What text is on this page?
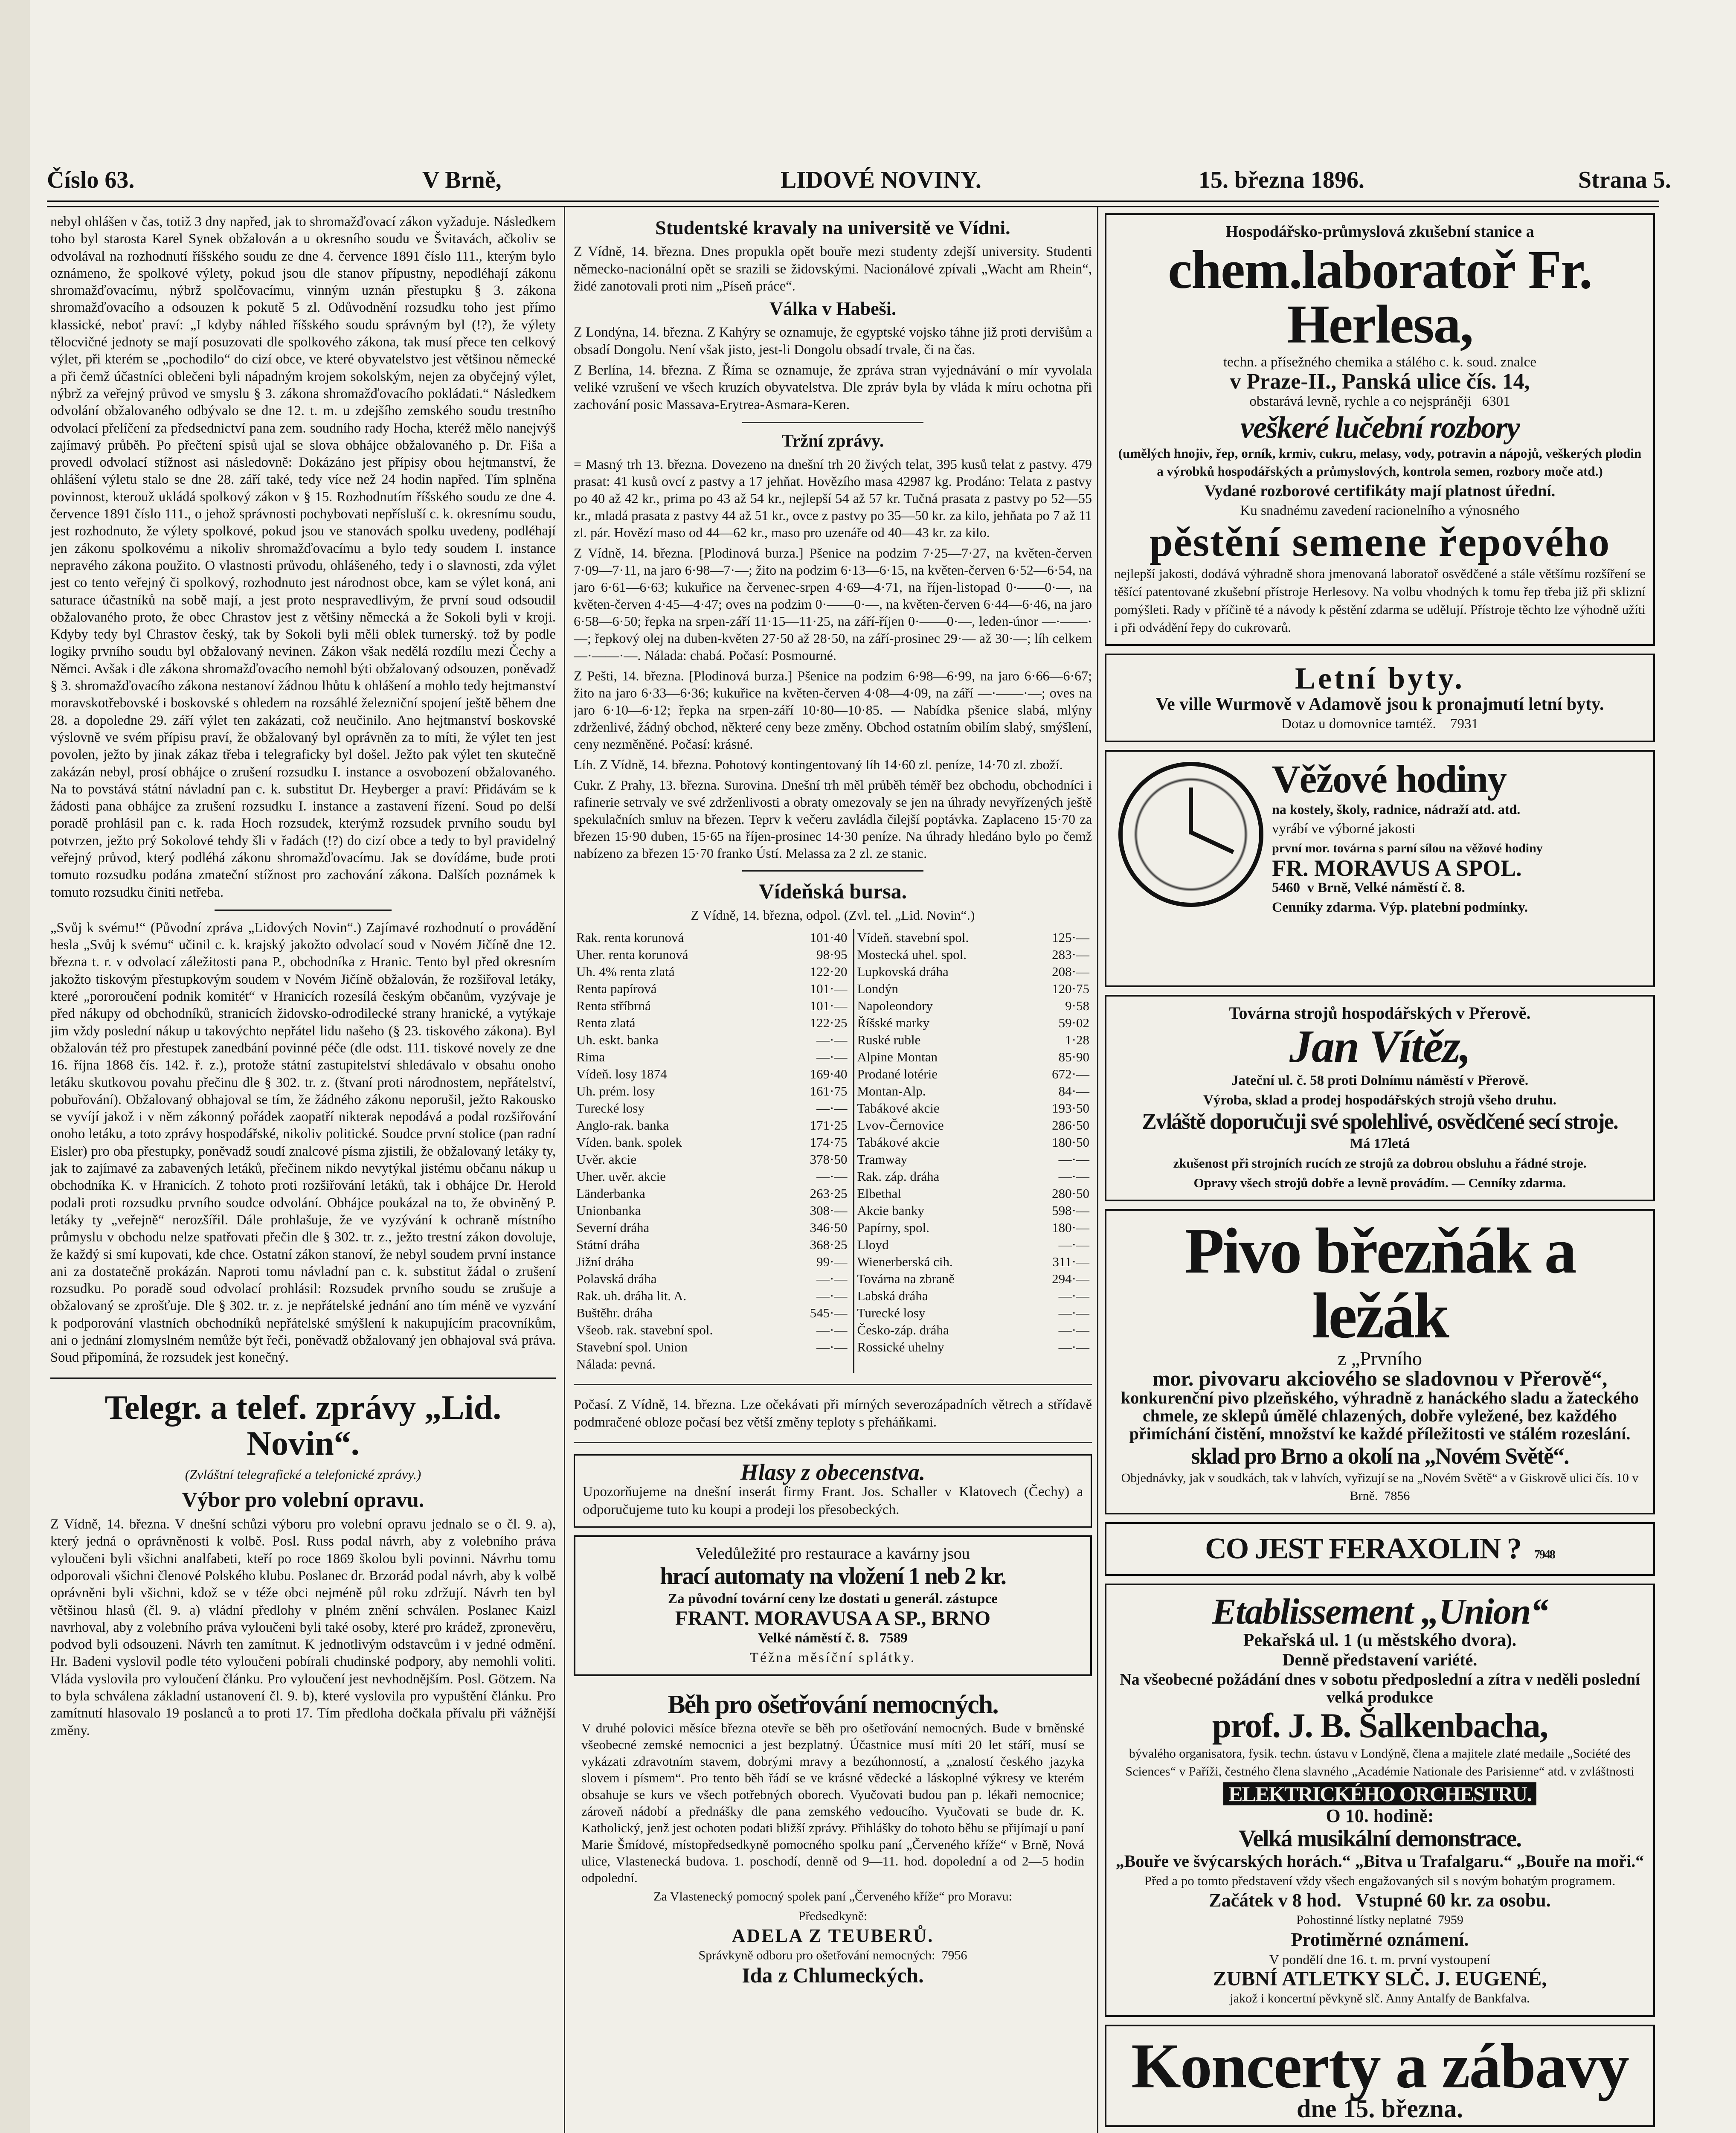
Číslo 63.	V Brně,	LIDOVÉ NOVINY.	15. března 1896.	Strana 5.

nebyl ohlášen v čas, totiž 3 dny napřed, jak to shromažďovací zákon vyžaduje. Následkem toho byl starosta Karel Synek obžalován a u okresního soudu ve Švitavách, ačkoliv se odvolával na rozhodnutí říšského soudu ze dne 4. července 1891 číslo 111., kterým bylo oznámeno, že spolkové výlety, pokud jsou dle stanov přípustny, nepodléhají zákonu shromažďovacímu, nýbrž spolčovacímu, vinným uznán přestupku § 3. zákona shromažďovacího a odsouzen k pokutě 5 zl. Odůvodnění rozsudku toho jest přímo klassické, neboť praví: „I kdyby náhled říšského soudu správným byl (!?), že výlety tělocvičné jednoty se mají posuzovati dle spolkového zákona, tak musí přece ten celkový výlet, při kterém se „pochodilo“ do cizí obce, ve které obyvatelstvo jest většinou německé a při čemž účastníci oblečeni byli nápadným krojem sokolským, nejen za obyčejný výlet, nýbrž za veřejný průvod ve smyslu § 3. zákona shromažďovacího pokládati.“ Následkem odvolání obžalovaného odbývalo se dne 12. t. m. u zdejšího zemského soudu trestního odvolací přelíčení za předsednictví pana zem. soudního rady Hocha, kteréž mělo nanejvýš zajímavý průběh. Po přečtení spisů ujal se slova obhájce obžalovaného p. Dr. Fiša a provedl odvolací stížnost asi následovně: Dokázáno jest přípisy obou hejtmanství, že ohlášení výletu stalo se dne 28. září také, tedy více než 24 hodin napřed. Tím splněna povinnost, kterouž ukládá spolkový zákon v § 15. Rozhodnutím říšského soudu ze dne 4. července 1891 číslo 111., o jehož správnosti pochybovati nepřísluší c. k. okresnímu soudu, jest rozhodnuto, že výlety spolkové, pokud jsou ve stanovách spolku uvedeny, podléhají jen zákonu spolkovému a nikoliv shromažďovacímu a bylo tedy soudem I. instance nepravého zákona použito. O vlastnosti průvodu, ohlášeného, tedy i o slavnosti, zda výlet jest co tento veřejný či spolkový, rozhodnuto jest národnost obce, kam se výlet koná, ani saturace účastníků na sobě mají, a jest proto nespravedlivým, že první soud odsoudil obžalovaného proto, že obec Chrastov jest z většiny německá a že Sokoli byli v kroji. Kdyby tedy byl Chrastov český, tak by Sokoli byli měli oblek turnerský. tož by podle logiky prvního soudu byl obžalovaný nevinen. Zákon však nedělá rozdílu mezi Čechy a Němci. Avšak i dle zákona shromažďovacího nemohl býti obžalovaný odsouzen, poněvadž § 3. shromažďovacího zákona nestanoví žádnou lhůtu k ohlášení a mohlo tedy hejtmanství moravskotřebovské i boskovské s ohledem na rozsáhlé železniční spojení ještě během dne 28. a dopoledne 29. září výlet ten zakázati, což neučinilo. Ano hejtmanství boskovské výslovně ve svém přípisu praví, že obžalovaný byl oprávněn za to míti, že výlet ten jest povolen, ježto by jinak zákaz třeba i telegraficky byl došel. Ježto pak výlet ten skutečně zakázán nebyl, prosí obhájce o zrušení rozsudku I. instance a osvobození obžalovaného. Na to povstává státní návladní pan c. k. substitut Dr. Heyberger a praví: Přidávám se k žádosti pana obhájce za zrušení rozsudku I. instance a zastavení řízení. Soud po delší poradě prohlásil pan c. k. rada Hoch rozsudek, kterýmž rozsudek prvního soudu byl potvrzen, ježto prý Sokolové tehdy šli v řadách (!?) do cizí obce a tedy to byl pravidelný veřejný průvod, který podléhá zákonu shromažďovacímu. Jak se dovídáme, bude proti tomuto rozsudku podána zmateční stížnost pro zachování zákona. Dalších poznámek k tomuto rozsudku činiti netřeba.

„Svůj k svému!“ (Původní zpráva „Lidových Novin“.) Zajímavé rozhodnutí o provádění hesla „Svůj k svému“ učinil c. k. krajský jakožto odvolací soud v Novém Jičíně dne 12. března t. r. v odvolací záležitosti pana P., obchodníka z Hranic. Tento byl před okresním jakožto tiskovým přestupkovým soudem v Novém Jičíně obžalován, že rozšiřoval letáky, které „pororoučení podnik komitét“ v Hranicích rozesílá českým občanům, vyzývaje je před nákupy od obchodníků, stranicích židovsko-odrodilecké strany hranické, a vytýkaje jim vždy poslední nákup u takovýchto nepřátel lidu našeho (§ 23. tiskového zákona). Byl obžalován též pro přestupek zanedbání povinné péče (dle odst. 111. tiskové novely ze dne 16. října 1868 čís. 142. ř. z.), protože státní zastupitelství shledávalo v obsahu onoho letáku skutkovou povahu přečinu dle § 302. tr. z. (štvaní proti národnostem, nepřátelství, pobuřování). Obžalovaný obhajoval se tím, že žádného zákonu neporušil, ježto Rakousko se vyvíjí jakož i v něm zákonný pořádek zaopatří nikterak nepodává a podal rozšiřování onoho letáku, a toto zprávy hospodářské, nikoliv politické. Soudce první stolice (pan radní Eisler) pro oba přestupky, poněvadž soudí znalcové písma zjistili, že obžalovaný letáky ty, jak to zajímavé za zabavených letáků, přečinem nikdo nevytýkal jistému občanu nákup u obchodníka K. v Hranicích. Z tohoto proti rozšiřování letáků, tak i obhájce Dr. Herold podali proti rozsudku prvního soudce odvolání. Obhájce poukázal na to, že obviněný P. letáky ty „veřejně“ nerozšířil. Dále prohlašuje, že ve vyzývání k ochraně místního průmyslu v obchodu nelze spatřovati přečin dle § 302. tr. z., ježto trestní zákon dovoluje, že každý si smí kupovati, kde chce. Ostatní zákon stanoví, že nebyl soudem první instance ani za dostatečně prokázán. Naproti tomu návladní pan c. k. substitut žádal o zrušení rozsudku. Po poradě soud odvolací prohlásil: Rozsudek prvního soudu se zrušuje a obžalovaný se zprošťuje. Dle § 302. tr. z. je nepřátelské jednání ano tím méně ve vyzvání k podporování vlastních obchodníků nepřátelské smýšlení k nakupujícím pracovníkům, ani o jednání zlomyslném nemůže být řeči, poněvadž obžalovaný jen obhajoval svá práva. Soud připomíná, že rozsudek jest konečný.

Telegr. a telef. zprávy „Lid. Novin“.
(Zvláštní telegrafické a telefonické zprávy.)
Výbor pro volební opravu.

Z Vídně, 14. března. V dnešní schůzi výboru pro volební opravu jednalo se o čl. 9. a), který jedná o oprávněnosti k volbě. Posl. Russ podal návrh, aby z volebního práva vyloučeni byli všichni analfabeti, kteří po roce 1869 školou byli povinni. Návrhu tomu odporovali všichni členové Polského klubu. Poslanec dr. Brzorád podal návrh, aby k volbě oprávněni byli všichni, kdož se v téže obci nejméně půl roku zdržují. Návrh ten byl většinou hlasů (čl. 9. a) vládní předlohy v plném znění schválen. Poslanec Kaizl navrhoval, aby z volebního práva vyloučeni byli také osoby, které pro krádež, zpronevěru, podvod byli odsouzeni. Návrh ten zamítnut. K jednotlivým odstavcům i v jedné odmění. Hr. Badeni vyslovil podle této vyloučeni pobírali chudinské podpory, aby nemohli voliti. Vláda vyslovila pro vyloučení článku. Pro vyloučení jest nevhodnějším. Posl. Götzem. Na to byla schválena základní ustanovení čl. 9. b), které vyslovila pro vypuštění článku. Pro zamítnutí hlasovalo 19 poslanců a to proti 17. Tím předloha dočkala přívalu při vážnější změny.

Studentské kravaly na universitě ve Vídni.

Z Vídně, 14. března. Dnes propukla opět bouře mezi studenty zdejší university. Studenti německo-nacionální opět se srazili se židovskými. Nacionálové zpívali „Wacht am Rhein“, židé zanotovali proti nim „Píseň práce“.

Válka v Habeši.

Z Londýna, 14. března. Z Kahýry se oznamuje, že egyptské vojsko táhne již proti dervišům a obsadí Dongolu. Není však jisto, jest-li Dongolu obsadí trvale, či na čas.

Z Berlína, 14. března. Z Říma se oznamuje, že zpráva stran vyjednávání o mír vyvolala veliké vzrušení ve všech kruzích obyvatelstva. Dle zpráv byla by vláda k míru ochotna při zachování posic Massava-Erytrea-Asmara-Keren.

Tržní zprávy.

= Masný trh 13. března. Dovezeno na dnešní trh 20 živých telat, 395 kusů telat z pastvy. 479 prasat: 41 kusů ovcí z pastvy a 17 jehňat. Hovězího masa 42987 kg. Prodáno: Telata z pastvy po 40 až 42 kr., prima po 43 až 54 kr., nejlepší 54 až 57 kr. Tučná prasata z pastvy po 52—55 kr., mladá prasata z pastvy 44 až 51 kr., ovce z pastvy po 35—50 kr. za kilo, jehňata po 7 až 11 zl. pár. Hovězí maso od 44—62 kr., maso pro uzenáře od 40—43 kr. za kilo.

Z Vídně, 14. března. [Plodinová burza.] Pšenice na podzim 7·25—7·27, na květen-červen 7·09—7·11, na jaro 6·98—7·—; žito na podzim 6·13—6·15, na květen-červen 6·52—6·54, na jaro 6·61—6·63; kukuřice na červenec-srpen 4·69—4·71, na říjen-listopad 0·——0·—, na květen-červen 4·45—4·47; oves na podzim 0·——0·—, na květen-červen 6·44—6·46, na jaro 6·58—6·50; řepka na srpen-září 11·15—11·25, na září-říjen 0·——0·—, leden-únor —·——·—; řepkový olej na duben-květen 27·50 až 28·50, na září-prosinec 29·— až 30·—; líh celkem —·——·—. Nálada: chabá. Počasí: Posmourné.

Z Pešti, 14. března. [Plodinová burza.] Pšenice na podzim 6·98—6·99, na jaro 6·66—6·67; žito na jaro 6·33—6·36; kukuřice na květen-červen 4·08—4·09, na září —·——·—; oves na jaro 6·10—6·12; řepka na srpen-září 10·80—10·85. — Nabídka pšenice slabá, mlýny zdrženlivé, žádný obchod, některé ceny beze změny. Obchod ostatním obilím slabý, smýšlení, ceny nezměněné. Počasí: krásné.

Líh. Z Vídně, 14. března. Pohotový kontingentovaný líh 14·60 zl. peníze, 14·70 zl. zboží.

Cukr. Z Prahy, 13. března. Surovina. Dnešní trh měl průběh téměř bez obchodu, obchodníci i rafinerie setrvaly ve své zdrženlivosti a obraty omezovaly se jen na úhrady nevyřízených ještě spekulačních smluv na březen. Teprv k večeru zavládla čilejší poptávka. Zaplaceno 15·70 za březen 15·90 duben, 15·65 na říjen-prosinec 14·30 peníze. Na úhrady hledáno bylo po čemž nabízeno za březen 15·70 franko Ústí. Melassa za 2 zl. ze stanic.

Vídeňská bursa.
Z Vídně, 14. března, odpol. (Zvl. tel. „Lid. Novin“.)
Rak. renta korunová	101·40	Vídeň. stavební spol.	125·—
Uher. renta korunová	98·95	Mostecká uhel. spol.	283·—
Uh. 4% renta zlatá	122·20	Lupkovská dráha	208·—
Renta papírová	101·—	Londýn	120·75
Renta stříbrná	101·—	Napoleondory	9·58
Renta zlatá	122·25	Říšské marky	59·02
Uh. eskt. banka	—·—	Ruské ruble	1·28
Rima	—·—	Alpine Montan	85·90
Vídeň. losy 1874	169·40	Prodané lotérie	672·—
Uh. prém. losy	161·75	Montan-Alp.	84·—
Turecké losy	—·—	Tabákové akcie	193·50
Anglo-rak. banka	171·25	Lvov-Černovice	286·50
Víden. bank. spolek	174·75	Tabákové akcie	180·50
Uvěr. akcie	378·50	Tramway	—·—
Uher. uvěr. akcie	—·—	Rak. záp. dráha	—·—
Länderbanka	263·25	Elbethal	280·50
Unionbanka	308·—	Akcie banky	598·—
Severní dráha	346·50	Papírny, spol.	180·—
Státní dráha	368·25	Lloyd	—·—
Jižní dráha	99·—	Wienerberská cih.	311·—
Polavská dráha	—·—	Továrna na zbraně	294·—
Rak. uh. dráha lit. A.	—·—	Labská dráha	—·—
Buštěhr. dráha	545·—	Turecké losy	—·—
Všeob. rak. stavební spol.	—·—	Česko-záp. dráha	—·—
Stavební spol. Union	—·—	Rossické uhelny	—·—
Nálada: pevná.			

Počasí. Z Vídně, 14. března. Lze očekávati při mírných severozápadních větrech a střídavě podmračené obloze počasí bez větší změny teploty s přeháňkami.

Hlasy z obecenstva.

Upozorňujeme na dnešní inserát firmy Frant. Jos. Schaller v Klatovech (Čechy) a odporučujeme tuto ku koupi a prodeji los přesobeckých.

Veledůležité pro restaurace a kavárny jsou

hrací automaty na vložení 1 neb 2 kr.

Za původní tovární ceny lze dostati u generál. zástupce

FRANT. MORAVUSA A SP., BRNO

Velké náměstí č. 8. 7589

Téžna měsíční splátky.

Běh pro ošetřování nemocných.

V druhé polovici měsíce března otevře se běh pro ošetřování nemocných. Bude v brněnské všeobecné zemské nemocnici a jest bezplatný. Účastnice musí míti 20 let stáří, musí se vykázati zdravotním stavem, dobrými mravy a bezúhonností, a „znalostí českého jazyka slovem i písmem“. Pro tento běh řádí se ve krásné vědecké a láskoplné výkresy ve kterém obsahuje se kurs ve všech potřebných oborech. Vyučovati budou pan p. lékaři nemocnice; zároveň nádobí a přednášky dle pana zemského vedoucího. Vyučovati se bude dr. K. Katholický, jenž jest ochoten podati bližší zprávy. Přihlášky do tohoto běhu se přijímají u paní Marie Šmídové, místopředsedkyně pomocného spolku paní „Červeného kříže“ v Brně, Nová ulice, Vlastenecká budova. 1. poschodí, denně od 9—11. hod. dopolední a od 2—5 hodin odpolední.

Za Vlastenecký pomocný spolek paní „Červeného kříže“ pro Moravu:

Předsedkyně:

ADELA Z TEUBERŮ.

Správkyně odboru pro ošetřování nemocných: 7956

Ida z Chlumeckých.

Hospodářsko-průmyslová zkušební stanice a

chem.laboratoř Fr. Herlesa,

techn. a přísežného chemika a stálého c. k. soud. znalce

v Praze-II., Panská ulice čís. 14,

obstarává levně, rychle a co nejspráněji 6301

veškeré lučební rozbory

(umělých hnojiv, řep, orník, krmiv, cukru, melasy, vody, potravin a nápojů, veškerých plodin a výrobků hospodářských a průmyslových, kontrola semen, rozbory moče atd.)

Vydané rozborové certifikáty mají platnost úřední.

Ku snadnému zavedení racionelního a výnosného

pěstění semene řepového

nejlepší jakosti, dodává výhradně shora jmenovaná laboratoř osvědčené a stále většímu rozšíření se těšící patentované zkušební přístroje Herlesovy. Na volbu vhodných k tomu řep třeba již při sklizní pomýšleti. Rady v příčině té a návody k pěstění zdarma se udělují. Přístroje těchto lze výhodně užíti i při odvádění řepy do cukrovarů.

Letní byty.

Ve ville Wurmově v Adamově jsou k pronajmutí letní byty.

Dotaz u domovnice tamtéž. 7931

Věžové hodiny

na kostely, školy, radnice, nádraží atd. atd.

vyrábí ve výborné jakosti

první mor. továrna s parní sílou na věžové hodiny

FR. MORAVUS A SPOL.

5460 v Brně, Velké náměstí č. 8.

Cenníky zdarma. Výp. platební podmínky.

Továrna strojů hospodářských v Přerově.

Jan Vítěz,

Jateční ul. č. 58 proti Dolnímu náměstí v Přerově.

Výroba, sklad a prodej hospodářských strojů všeho druhu.

Zvláště doporučuji své spolehlivé, osvědčené secí stroje.

Má 17letá

zkušenost při strojních rucích ze strojů za dobrou obsluhu a řádné stroje.

Opravy všech strojů dobře a levně provádím. — Cenníky zdarma.

Pivo březňák a ležák

z „Prvního

mor. pivovaru akciového se sladovnou v Přerově“,

konkurenční pivo plzeňského, výhradně z hanáckého sladu a žateckého chmele, ze sklepů úmělé chlazených, dobře vyležené, bez každého přimíchání čistění, množství ke každé příležitosti ve stálém rozeslání.

sklad pro Brno a okolí na „Novém Světě“.

Objednávky, jak v soudkách, tak v lahvích, vyřizují se na „Novém Světě“ a v Giskrově ulici čís. 10 v Brně. 7856

CO JEST FERAXOLIN ? 7948

Etablissement „Union“

Pekařská ul. 1 (u městského dvora).

Denně představení variété.

Na všeobecné požádání dnes v sobotu předposlední a zítra v neděli poslední velká produkce

prof. J. B. Šalkenbacha,

bývalého organisatora, fysik. techn. ústavu v Londýně, člena a majitele zlaté medaile „Société des Sciences“ v Paříži, čestného člena slavného „Académie Nationale des Parisienne“ atd. v zvláštnosti

ELEKTRICKÉHO ORCHESTRU.

O 10. hodině:

Velká musikální demonstrace.

„Bouře ve švýcarských horách.“ „Bitva u Trafalgaru.“ „Bouře na moři.“

Před a po tomto představení vždy všech engažovaných sil s novým bohatým programem.

Začátek v 8 hod. Vstupné 60 kr. za osobu.

Pohostinné lístky neplatné 7959

Protiměrné oznámení.

V pondělí dne 16. t. m. první vystoupení

ZUBNÍ ATLETKY SLČ. J. EUGENÉ,

jakož i koncertní pěvkyně slč. Anny Antalfy de Bankfalva.

Koncerty a zábavy

dne 15. března.
